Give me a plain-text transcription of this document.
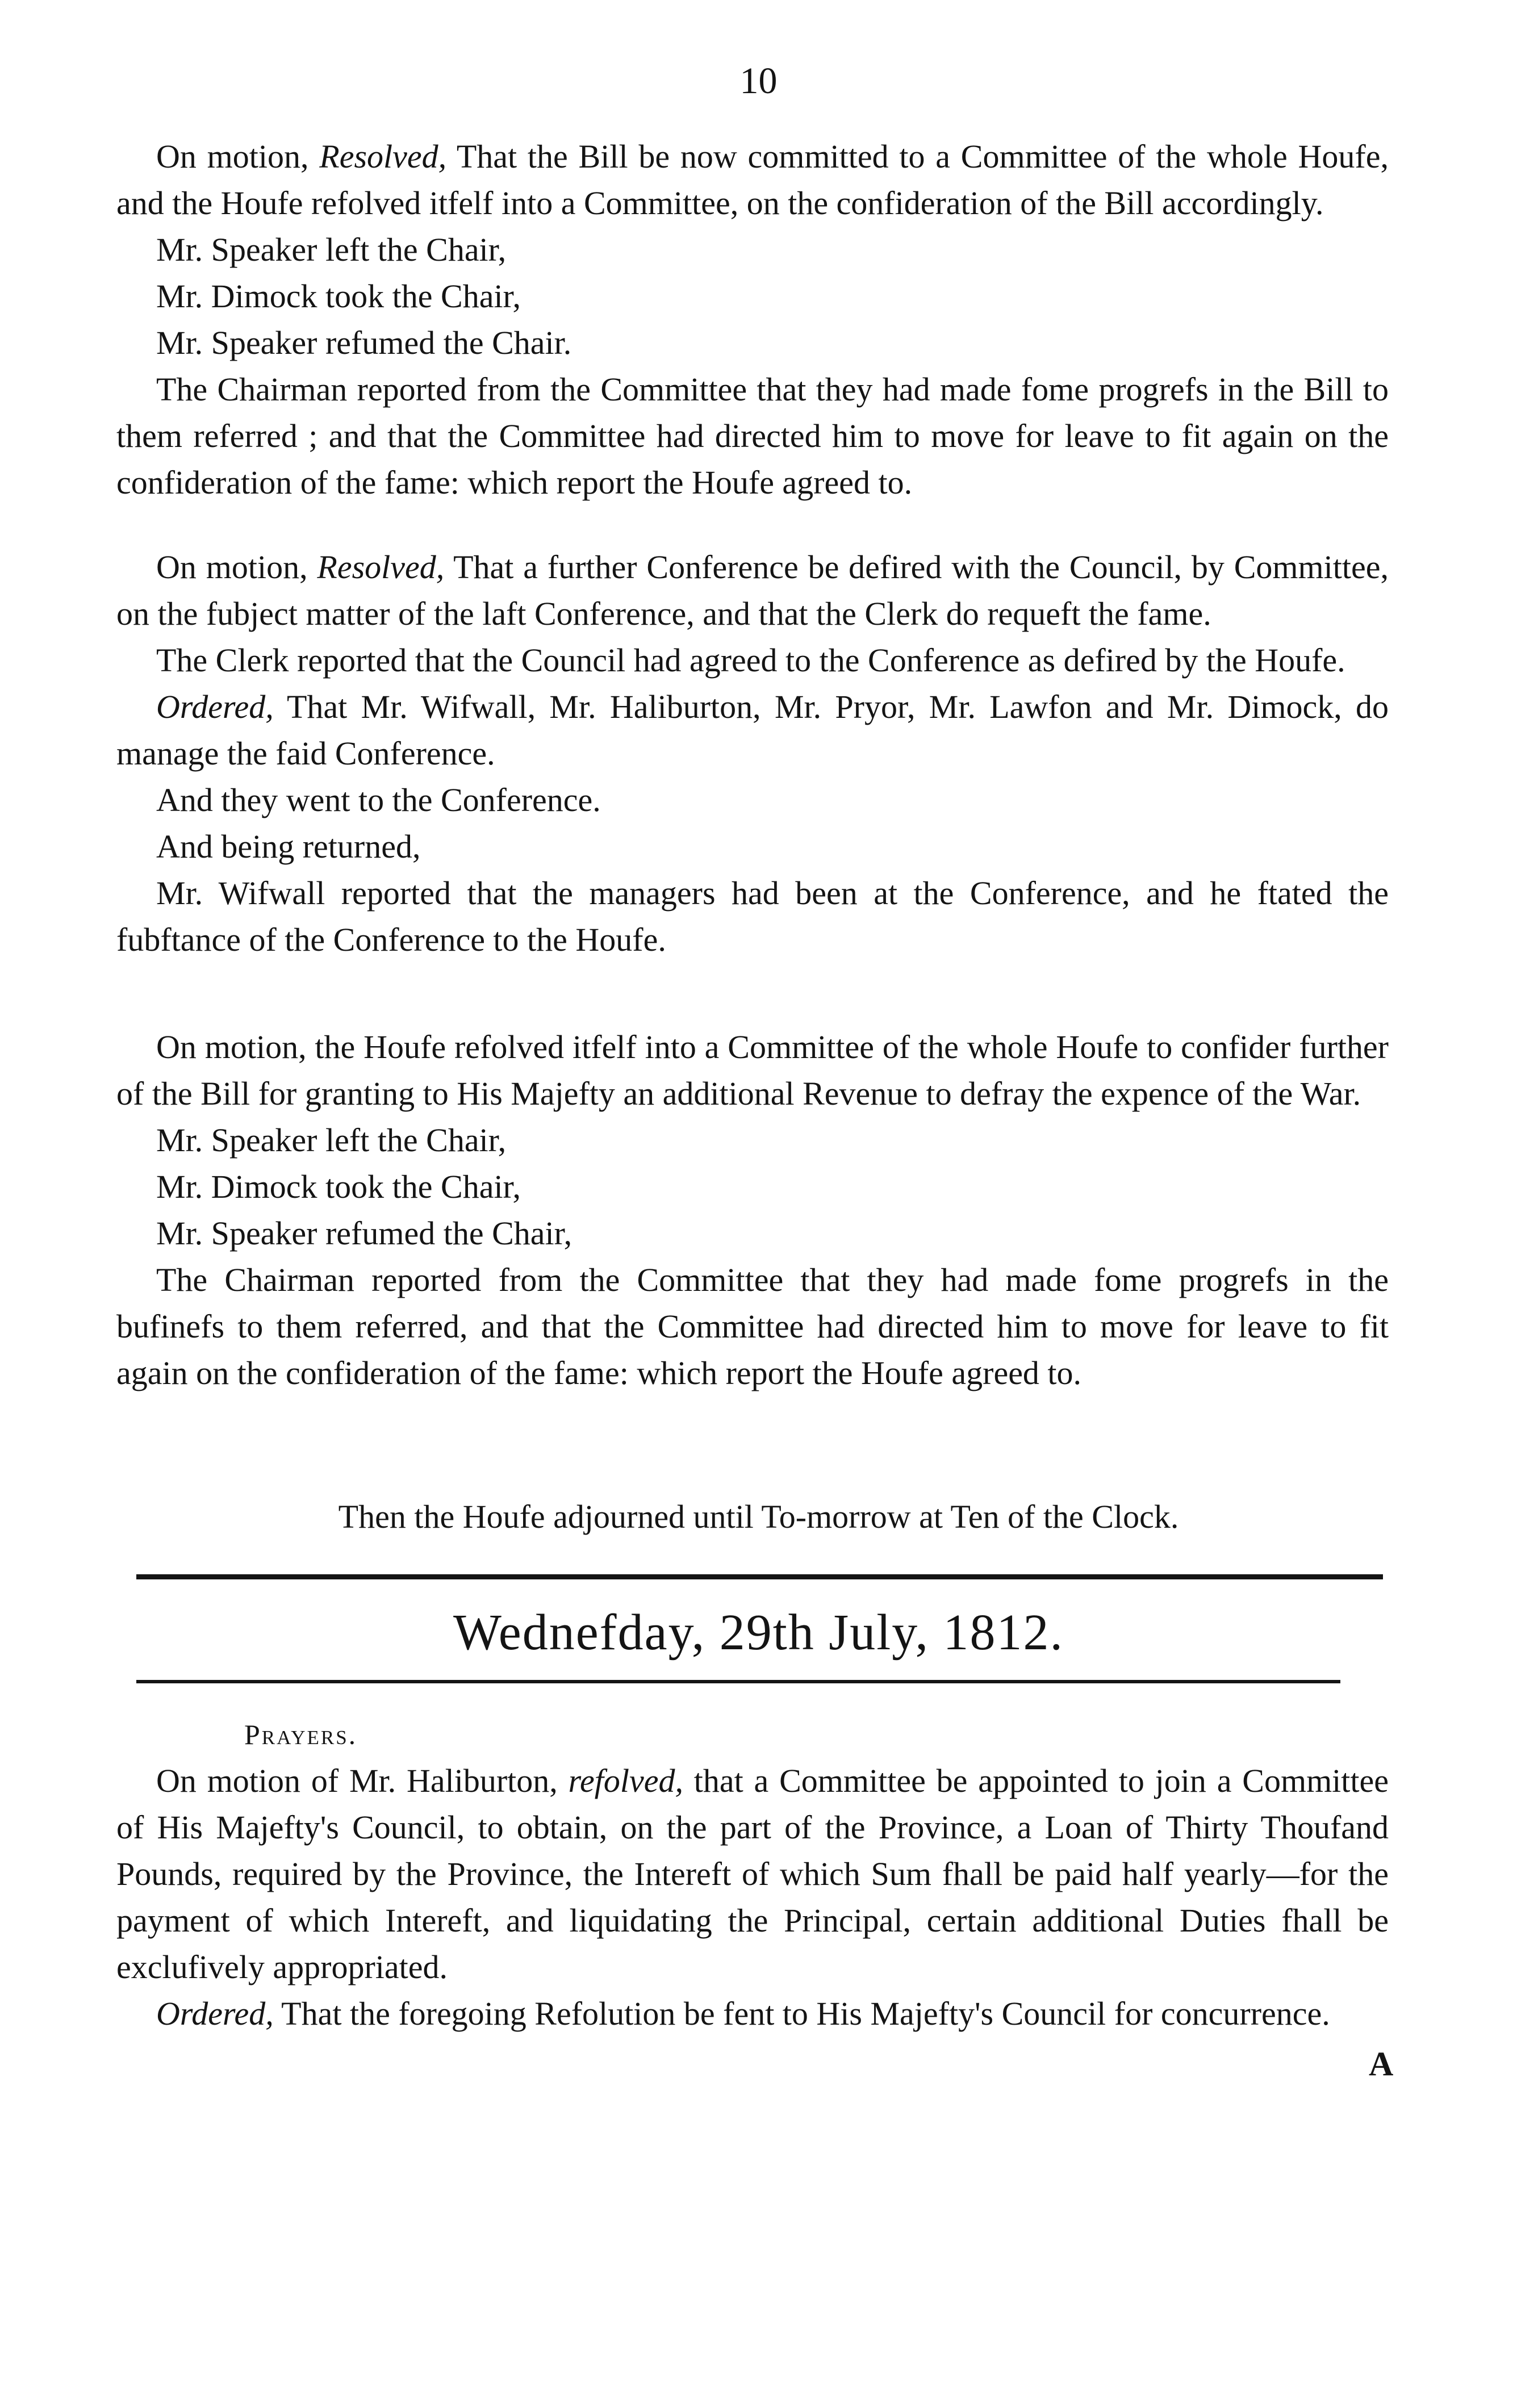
10

On motion, Resolved, That the Bill be now committed to a Committee of the whole Houfe, and the Houfe refolved itfelf into a Committee, on the confideration of the Bill accordingly.

Mr. Speaker left the Chair,

Mr. Dimock took the Chair,

Mr. Speaker refumed the Chair.

The Chairman reported from the Committee that they had made fome progrefs in the Bill to them referred ; and that the Committee had directed him to move for leave to fit again on the confideration of the fame: which report the Houfe agreed to.

On motion, Resolved, That a further Conference be defired with the Council, by Committee, on the fubject matter of the laft Conference, and that the Clerk do requeft the fame.

The Clerk reported that the Council had agreed to the Conference as defired by the Houfe.

Ordered, That Mr. Wifwall, Mr. Haliburton, Mr. Pryor, Mr. Lawfon and Mr. Dimock, do manage the faid Conference.

And they went to the Conference.

And being returned,

Mr. Wifwall reported that the managers had been at the Conference, and he ftated the fubftance of the Conference to the Houfe.

On motion, the Houfe refolved itfelf into a Committee of the whole Houfe to confider further of the Bill for granting to His Majefty an additional Revenue to defray the expence of the War.

Mr. Speaker left the Chair,

Mr. Dimock took the Chair,

Mr. Speaker refumed the Chair,

The Chairman reported from the Committee that they had made fome progrefs in the bufinefs to them referred, and that the Committee had directed him to move for leave to fit again on the confideration of the fame: which report the Houfe agreed to.

Then the Houfe adjourned until To-morrow at Ten of the Clock.
Wednefday, 29th July, 1812.
Prayers.

On motion of Mr. Haliburton, refolved, that a Committee be appointed to join a Committee of His Majefty's Council, to obtain, on the part of the Province, a Loan of Thirty Thoufand Pounds, required by the Province, the Intereft of which Sum fhall be paid half yearly—for the payment of which Intereft, and liquidating the Principal, certain additional Duties fhall be exclufively appropriated.

Ordered, That the foregoing Refolution be fent to His Majefty's Council for concurrence.

A
